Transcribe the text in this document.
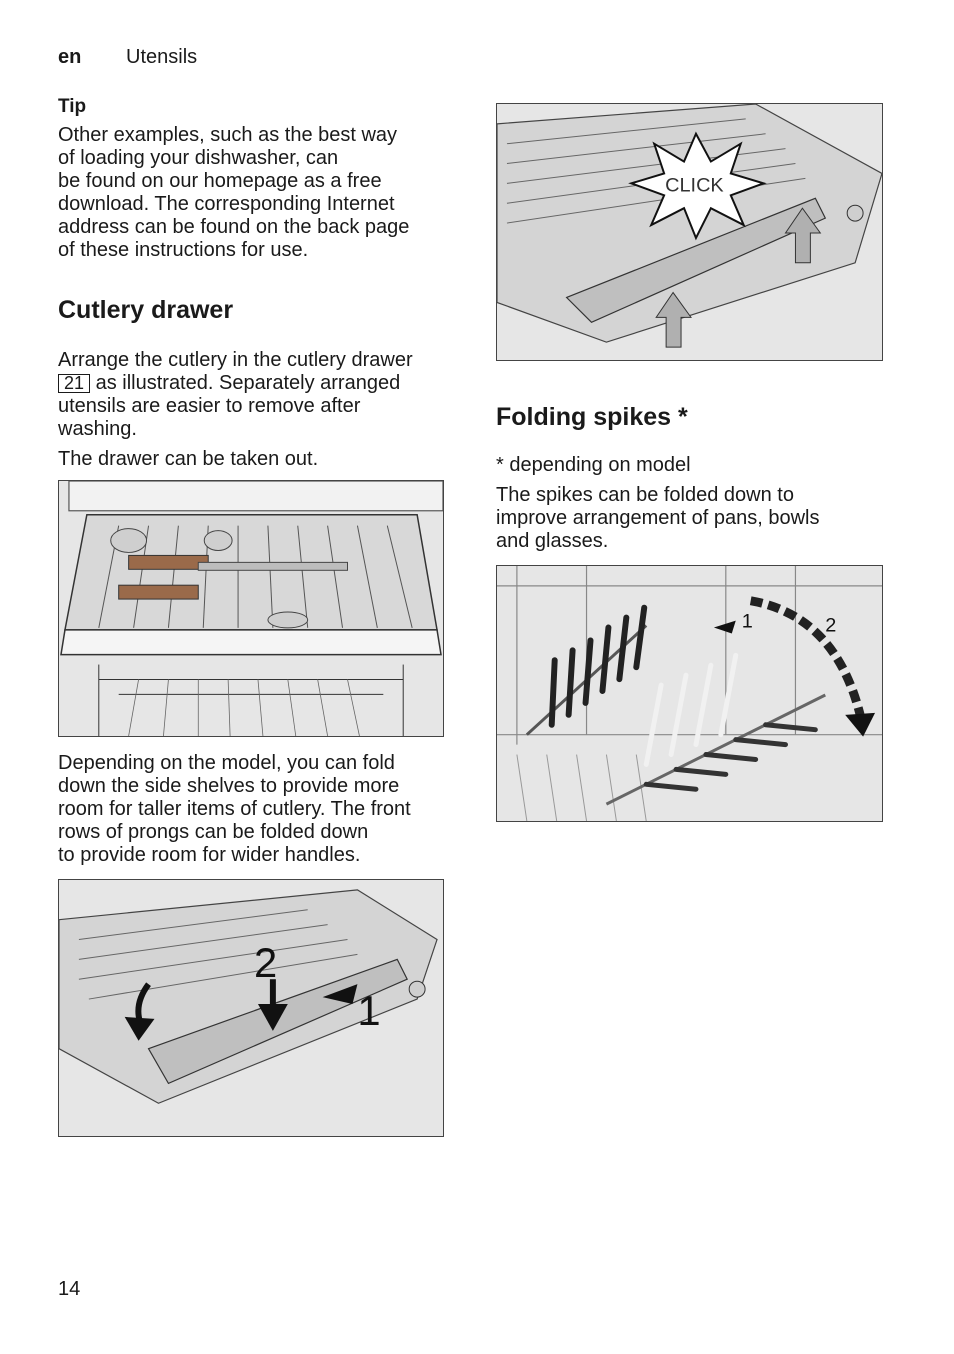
en Utensils
Tip

Other examples, such as the best way
of loading your dishwasher, can
be found on our homepage as a free
download. The corresponding Internet
address can be found on the back page
of these instructions for use.

Cutlery drawer

Arrange the cutlery in the cutlery drawer
21 as illustrated. Separately arranged
utensils are easier to remove after
washing.

The drawer can be taken out.

Depending on the model, you can fold
down the side shelves to provide more
room for taller items of cutlery. The front
rows of prongs can be folded down
to provide room for wider handles.

2
1
CLICK
Folding spikes *

* depending on model

The spikes can be folded down to
improve arrangement of pans, bowls
and glasses.

1	2
14
